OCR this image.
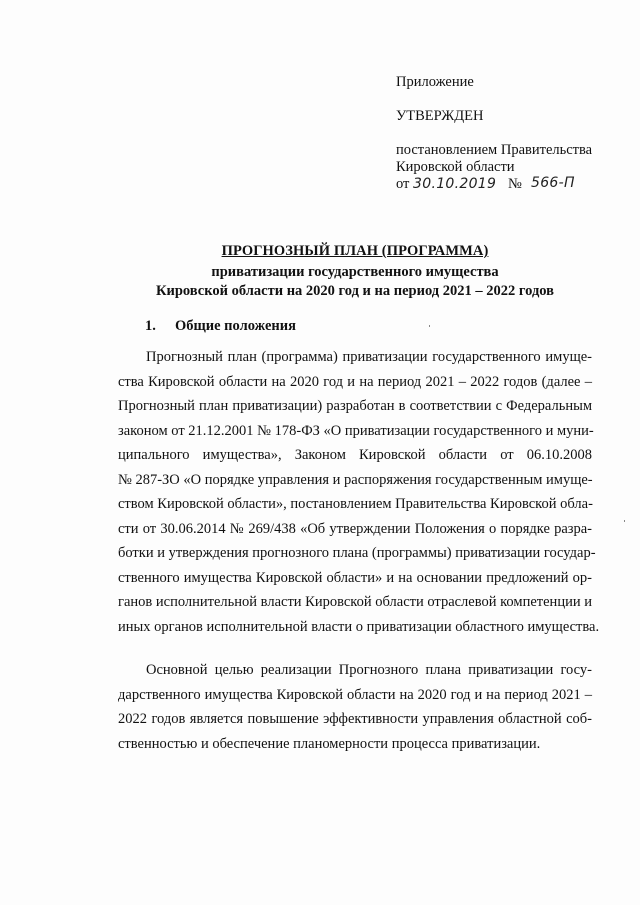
Приложение
УТВЕРЖДЕН
постановлением Правительства
Кировской области
от 30.10.2019 № 566-П
ПРОГНОЗНЫЙ ПЛАН (ПРОГРАММА)
приватизации государственного имущества
Кировской области на 2020 год и на период 2021 – 2022 годов
1. Общие положения
Прогнозный план (программа) приватизации государственного имуще-
ства Кировской области на 2020 год и на период 2021 – 2022 годов (далее –
Прогнозный план приватизации) разработан в соответствии с Федеральным
законом от 21.12.2001 № 178-ФЗ «О приватизации государственного и муни-
ципального имущества», Законом Кировской области от 06.10.2008
№ 287-ЗО «О порядке управления и распоряжения государственным имуще-
ством Кировской области», постановлением Правительства Кировской обла-
сти от 30.06.2014 № 269/438 «Об утверждении Положения о порядке разра-
ботки и утверждения прогнозного плана (программы) приватизации государ-
ственного имущества Кировской области» и на основании предложений ор-
ганов исполнительной власти Кировской области отраслевой компетенции и
иных органов исполнительной власти о приватизации областного имущества.
Основной целью реализации Прогнозного плана приватизации госу-
дарственного имущества Кировской области на 2020 год и на период 2021 –
2022 годов является повышение эффективности управления областной соб-
ственностью и обеспечение планомерности процесса приватизации.
